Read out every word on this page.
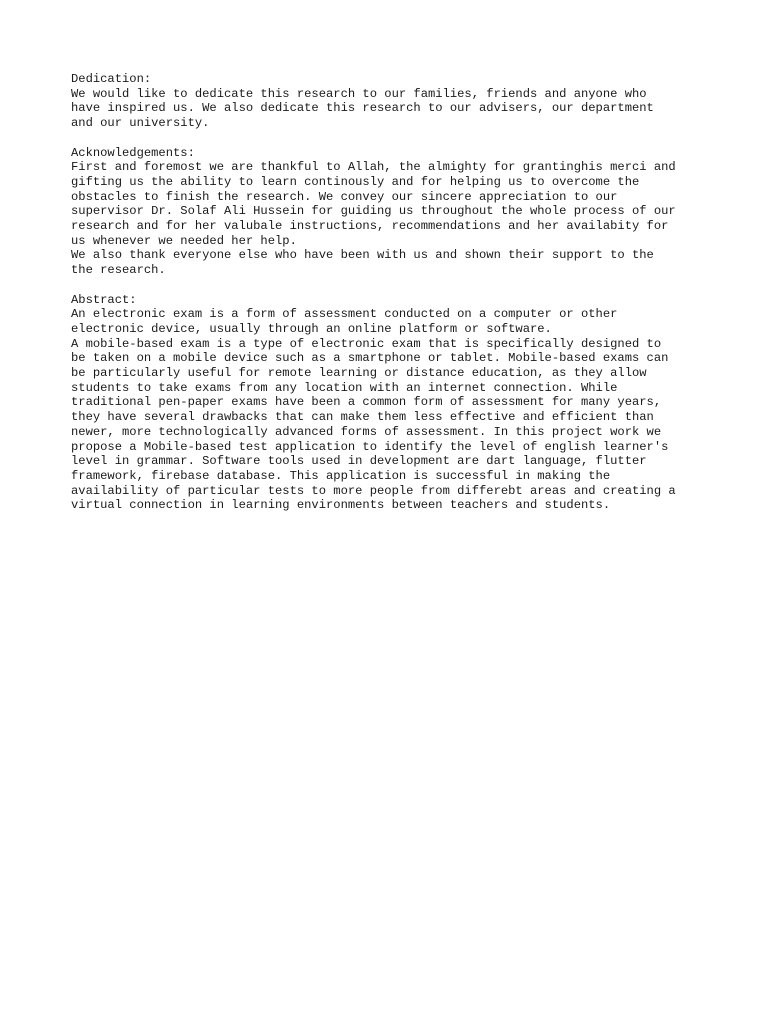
Dedication:
We would like to dedicate this research to our families, friends and anyone who
have inspired us. We also dedicate this research to our advisers, our department
and our university.
Acknowledgements:
First and foremost we are thankful to Allah, the almighty for grantinghis merci and
gifting us the ability to learn continously and for helping us to overcome the
obstacles to finish the research. We convey our sincere appreciation to our
supervisor Dr. Solaf Ali Hussein for guiding us throughout the whole process of our
research and for her valubale instructions, recommendations and her availabity for
us whenever we needed her help.
We also thank everyone else who have been with us and shown their support to the
the research.
Abstract:
An electronic exam is a form of assessment conducted on a computer or other
electronic device, usually through an online platform or software.
A mobile-based exam is a type of electronic exam that is specifically designed to
be taken on a mobile device such as a smartphone or tablet. Mobile-based exams can
be particularly useful for remote learning or distance education, as they allow
students to take exams from any location with an internet connection. While
traditional pen-paper exams have been a common form of assessment for many years,
they have several drawbacks that can make them less effective and efficient than
newer, more technologically advanced forms of assessment. In this project work we
propose a Mobile-based test application to identify the level of english learner's
level in grammar. Software tools used in development are dart language, flutter
framework, firebase database. This application is successful in making the
availability of particular tests to more people from differebt areas and creating a
virtual connection in learning environments between teachers and students.
